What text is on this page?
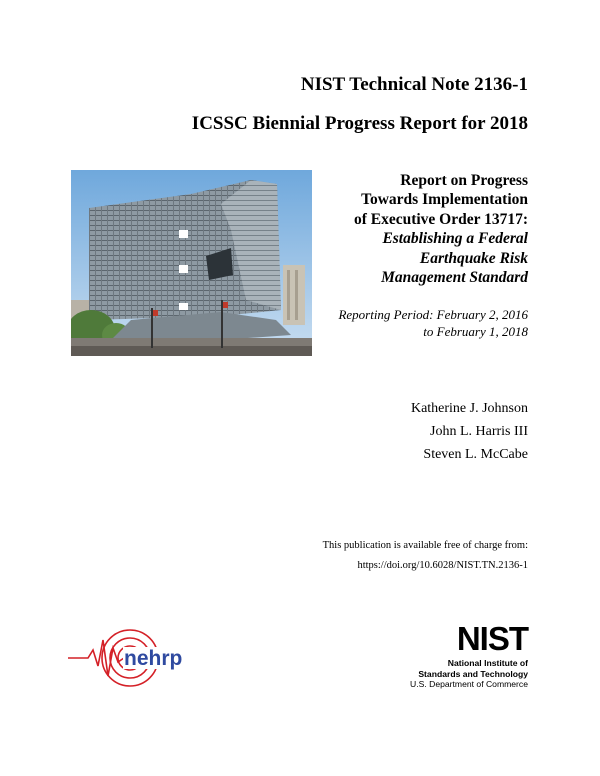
NIST Technical Note 2136-1
ICSSC Biennial Progress Report for 2018
Report on Progress
Towards Implementation
of Executive Order 13717:
Establishing a Federal
Earthquake Risk
Management Standard
Reporting Period: February 2, 2016
to February 1, 2018
Katherine J. Johnson
John L. Harris III
Steven L. McCabe
This publication is available free of charge from:
https://doi.org/10.6028/NIST.TN.2136-1
nehrp
NIST
National Institute of
Standards and Technology
U.S. Department of Commerce
